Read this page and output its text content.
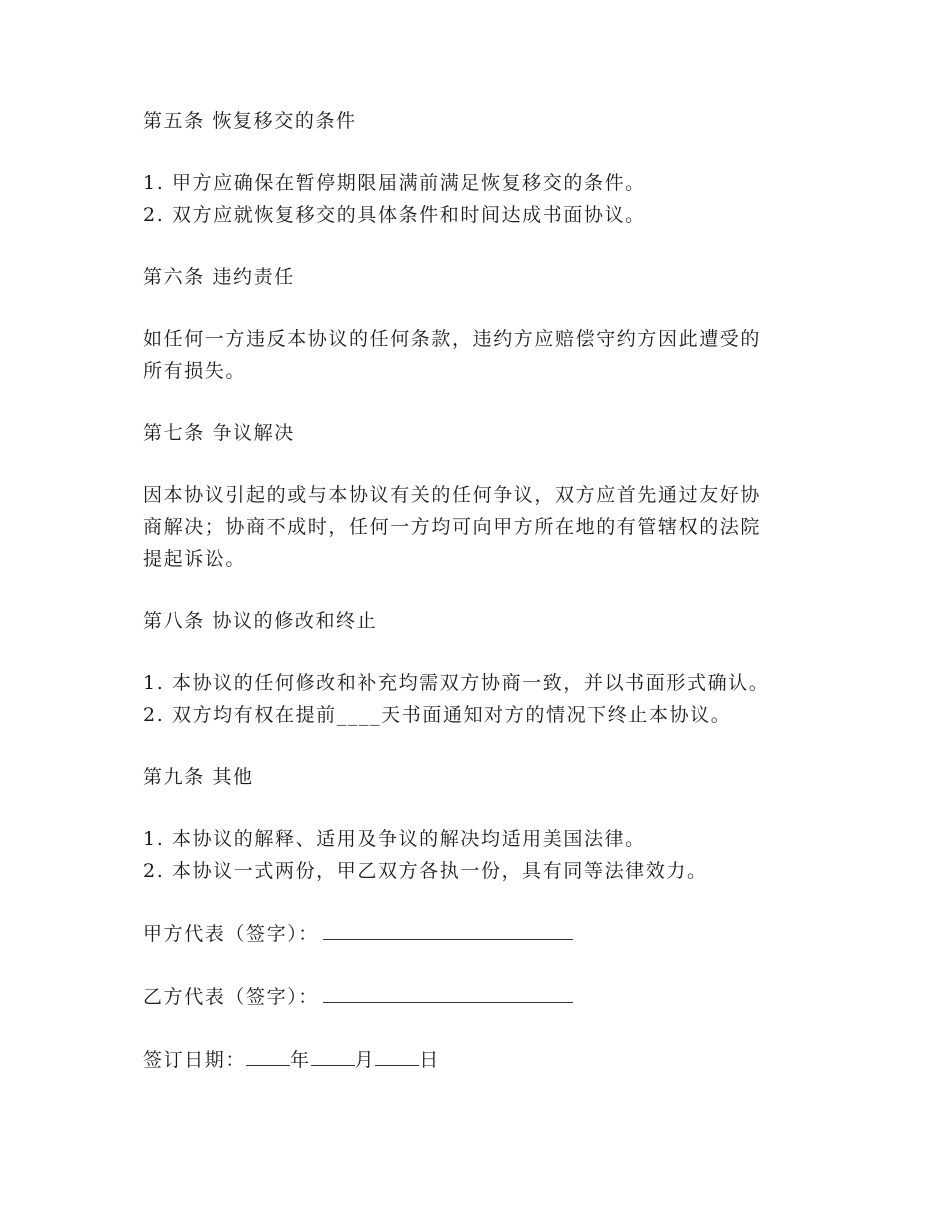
第五条 恢复移交的条件

1. 甲方应确保在暂停期限届满前满足恢复移交的条件。

2. 双方应就恢复移交的具体条件和时间达成书面协议。

第六条 违约责任

如任何一方违反本协议的任何条款，违约方应赔偿守约方因此遭受的

所有损失。

第七条 争议解决

因本协议引起的或与本协议有关的任何争议，双方应首先通过友好协

商解决；协商不成时，任何一方均可向甲方所在地的有管辖权的法院

提起诉讼。

第八条 协议的修改和终止

1. 本协议的任何修改和补充均需双方协商一致，并以书面形式确认。

2. 双方均有权在提前____天书面通知对方的情况下终止本协议。

第九条 其他

1. 本协议的解释、适用及争议的解决均适用美国法律。

2. 本协议一式两份，甲乙双方各执一份，具有同等法律效力。

甲方代表（签字）：
乙方代表（签字）：
签订日期： 年 月 日
